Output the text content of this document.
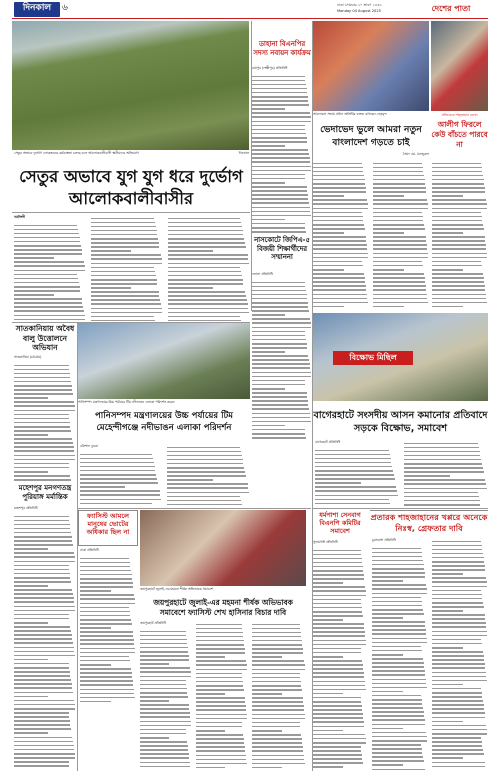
দিনকাল	৬	ঢাকা সোমবার ২০ শ্রাবণ ১৪৩২
Monday 04 August 2025	দেশের পাতা
সেতুর অভাবে দুর্ভোগ লোকজনের কর্মব্যস্ততা চলছে বলে আলোকবালীবাসী স্থানীয়দের অভিযোগ	দিনকাল
সেতুর অভাবে যুগ যুগ ধরে দুর্ভোগ আলোকবালীবাসীর
নরসিংদী
সাতকানিয়ায় অবৈধ বালু উত্তোলনে অভিযান
সাতকানিয়া (চট্টগ্রাম)
পানিসম্পদ মন্ত্রণালয়ের উচ্চ পর্যায়ের টিম নদীভাঙন এলাকা পরিদর্শন করেন
পানিসম্পদ মন্ত্রণালয়ের উচ্চ পর্যায়ের টিম মেহেন্দীগঞ্জে নদীভাঙন এলাকা পরিদর্শন
বরিশাল ব্যুরো
ফ্যাসিস্ট আমলে মানুষের ভোটের অধিকার ছিল না
ঢাকা প্রতিনিধি
মহেশপুর মনগণতন্ত্র পুরিয়াঙ্গ মর্মান্তিক
মহেশপুর প্রতিনিধি
জয়পুরহাটে জুলাই-এর মহমনা শীর্ষক অভিভাবক সমাবেশ
জয়পুরহাটে জুলাই-এর মহমনা শীর্ষক অভিভাবক সমাবেশে ফ্যাসিস্ট শেখ হাসিনার বিচার দাবি
জয়পুরহাট প্রতিনিধি
ডাহানা বিএনপির সদস্য নবায়ন কার্যক্রম
রায়পুর (লক্ষ্মীপুর) প্রতিনিধি
নাসকোটে জিপিএ-৫ বিজয়ী শিক্ষার্থীদের সম্মাননা
ভোলা প্রতিনিধি
আলোচনা সভায় প্রধান অতিথির বক্তব্য রাখছেন নেতৃবৃন্দ
ভেদাভেদ ভুলে আমরা নতুন বাংলাদেশ গড়তে চাই
সৈয়দ মো. মনজুরুল
প্রতিবেদক শাহজাহান বলেন
আলীগ ফিরলে কেউ বাঁচতে পারবে না
বিক্ষোভ মিছিল
বাগেরহাটে সংসদীয় আসন কমানোর প্রতিবাদে সড়কে বিক্ষোভ, সমাবেশ
বাগেরহাট প্রতিনিধি
ধর্মপাশা সেনবাগ বিএনপি কমিটির সমাবেশ
সুনামগঞ্জ প্রতিনিধি
প্রতারক শাহজাহানের খপ্পরে অনেকে নিঃস্ব, গ্রেফতার দাবি
চুয়াডাঙ্গা প্রতিনিধি
